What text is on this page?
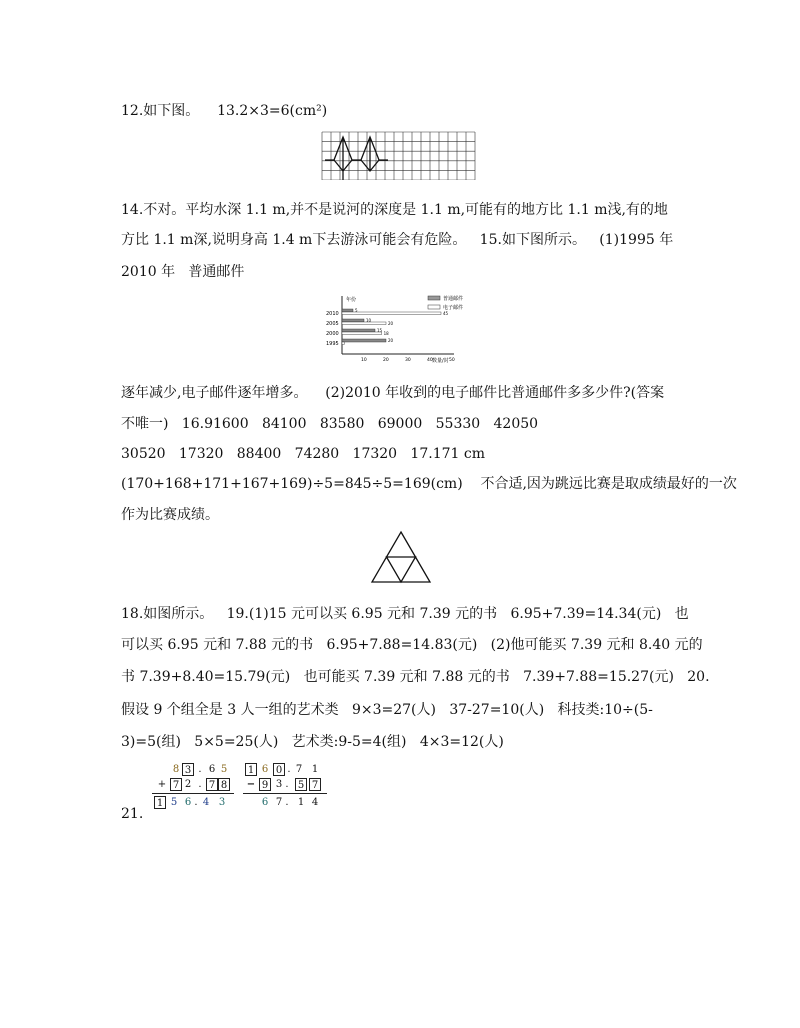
12.如下图。    13.2×3=6(cm²)
14.不对。平均水深 1.1 m,并不是说河的深度是 1.1 m,可能有的地方比 1.1 m浅,有的地
方比 1.1 m深,说明身高 1.4 m下去游泳可能会有危险。   15.如下图所示。   (1)1995 年
2010 年   普通邮件
年份
数量/封
2010
5
45
2005
10
20
2000
15
18
1995
20
10	20	30	40	50
普通邮件
电子邮件
逐年减少,电子邮件逐年增多。    (2)2010 年收到的电子邮件比普通邮件多多少件?(答案
不唯一)   16.91600   84100   83580   69000   55330   42050
30520   17320   88400   74280   17320   17.171 cm
(170+168+171+167+169)÷5=845÷5=169(cm)    不合适,因为跳远比赛是取成绩最好的一次
作为比赛成绩。
18.如图所示。   19.(1)15 元可以买 6.95 元和 7.39 元的书   6.95+7.39=14.34(元)   也
可以买 6.95 元和 7.88 元的书   6.95+7.88=14.83(元)   (2)他可能买 7.39 元和 8.40 元的
书 7.39+8.40=15.79(元)   也可能买 7.39 元和 7.88 元的书   7.39+7.88=15.27(元)   20.
假设 9 个组全是 3 人一组的艺术类   9×3=27(人)   37-27=10(人)   科技类:10÷(5-
3)=5(组)   5×5=25(人)   艺术类:9-5=4(组)   4×3=12(人)
21.
8 3 . 6 5
+ 7 2 . 7 8
1 5 6 . 4 3
1 6 0 . 7 1
− 9 3 . 5 7
6 7 . 1 4
